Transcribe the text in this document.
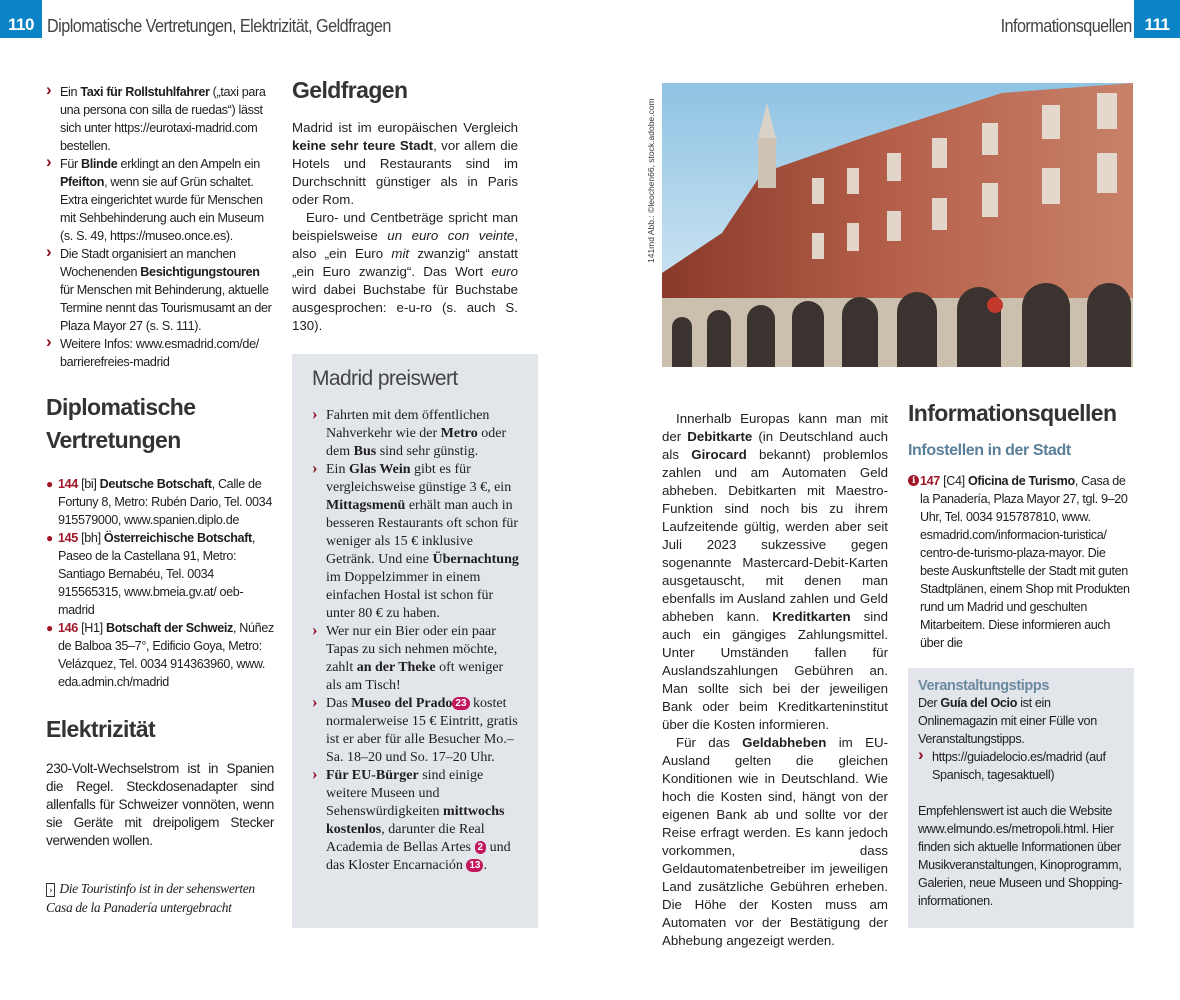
110 Diplomatische Vertretungen, Elektrizität, Geldfragen	Informationsquellen 111
› Ein Taxi für Rollstuhlfahrer („taxi para una persona con silla de ruedas“) lässt sich unter https://eurotaxi-madrid.com bestellen.
› Für Blinde erklingt an den Ampeln ein Pfeifton, wenn sie auf Grün schaltet. Extra eingerichtet wurde für Menschen mit Sehbehinderung auch ein Museum (s. S. 49, https://museo.once.es).
› Die Stadt organisiert an manchen Wochenenden Besichtigungstouren für Menschen mit Behinderung, aktuelle Termine nennt das Tourismusamt an der Plaza Mayor 27 (s. S. 111).
› Weitere Infos: www.esmadrid.com/de/ barrierefreies-madrid
Diplomatische Vertretungen
● 144 [bi] Deutsche Botschaft, Calle de Fortuny 8, Metro: Rubén Dario, Tel. 0034 915579000, www.spanien.diplo.de
● 145 [bh] Österreichische Botschaft, Paseo de la Castellana 91, Metro: Santiago Bernabéu, Tel. 0034 915565315, www.bmeia.gv.at/ oeb-madrid
● 146 [H1] Botschaft der Schweiz, Núñez de Balboa 35–7°, Edificio Goya, Metro: Velázquez, Tel. 0034 914363960, www. eda.admin.ch/madrid
Elektrizität

230-Volt-Wechselstrom ist in Spanien die Regel. Steckdosenadapter sind allenfalls für Schweizer vonnöten, wenn sie Geräte mit dreipoligem Stecker verwenden wollen.

› Die Touristinfo ist in der sehenswerten Casa de la Panadería untergebracht

Geldfragen

Madrid ist im europäischen Vergleich keine sehr teure Stadt, vor allem die Hotels und Restaurants sind im Durchschnitt günstiger als in Paris oder Rom.

Euro- und Centbeträge spricht man beispielsweise un euro con veinte, also „ein Euro mit zwanzig“ anstatt „ein Euro zwanzig“. Das Wort euro wird dabei Buchstabe für Buchstabe ausgesprochen: e-u-ro (s. auch S. 130).

Madrid preiswert
› Fahrten mit dem öffentlichen Nahverkehr wie der Metro oder dem Bus sind sehr günstig.
› Ein Glas Wein gibt es für vergleichsweise günstige 3 €, ein Mittagsmenü erhält man auch in besseren Restaurants oft schon für weniger als 15 € inklusive Getränk. Und eine Übernachtung im Doppelzimmer in einem einfachen Hostal ist schon für unter 80 € zu haben.
› Wer nur ein Bier oder ein paar Tapas zu sich nehmen möchte, zahlt an der Theke oft weniger als am Tisch!
› Das Museo del Prado 23 kostet normalerweise 15 € Eintritt, gratis ist er aber für alle Besucher Mo.–Sa. 18–20 und So. 17–20 Uhr.
› Für EU-Bürger sind einige weitere Museen und Sehenswürdigkeiten mittwochs kostenlos, darunter die Real Academia de Bellas Artes 2 und das Kloster Encarnación 13 .
141md Abb.: ©leochen66, stock.adobe.com

Innerhalb Europas kann man mit der Debitkarte (in Deutschland auch als Girocard bekannt) problemlos zahlen und am Automaten Geld abheben. Debitkarten mit Maestro-Funktion sind noch bis zu ihrem Laufzeitende gültig, werden aber seit Juli 2023 sukzessive gegen sogenannte Mastercard-Debit-Karten ausgetauscht, mit denen man ebenfalls im Ausland zahlen und Geld abheben kann. Kreditkarten sind auch ein gängiges Zahlungsmittel. Unter Umständen fallen für Auslandszahlungen Gebühren an. Man sollte sich bei der jeweiligen Bank oder beim Kreditkarteninstitut über die Kosten informieren.

Für das Geldabheben im EU-Ausland gelten die gleichen Konditionen wie in Deutschland. Wie hoch die Kosten sind, hängt von der eigenen Bank ab und sollte vor der Reise erfragt werden. Es kann jedoch vorkommen, dass Geldautomatenbetreiber im jeweiligen Land zusätzliche Gebühren erheben. Die Höhe der Kosten muss am Automaten vor der Bestätigung der Abhebung angezeigt werden.

Informationsquellen
Infostellen in der Stadt
ℹ 147 [C4] Oficina de Turismo, Casa de la Panadería, Plaza Mayor 27, tgl. 9–20 Uhr, Tel. 0034 915787810, www. esmadrid.com/informacion-turistica/ centro-de-turismo-plaza-mayor. Die beste Auskunftstelle der Stadt mit guten Stadtplänen, einem Shop mit Produkten rund um Madrid und geschulten Mitarbeitem. Diese informieren auch über die
Veranstaltungstipps
Der Guía del Ocio ist ein Onlinemagazin mit einer Fülle von Veranstaltungstipps.
› https://guiadelocio.es/madrid (auf Spanisch, tagesaktuell)

Empfehlenswert ist auch die Website www.elmundo.es/metropoli.html. Hier finden sich aktuelle Informationen über Musikveranstaltungen, Kinoprogramm, Galerien, neue Museen und Shopping-informationen.
